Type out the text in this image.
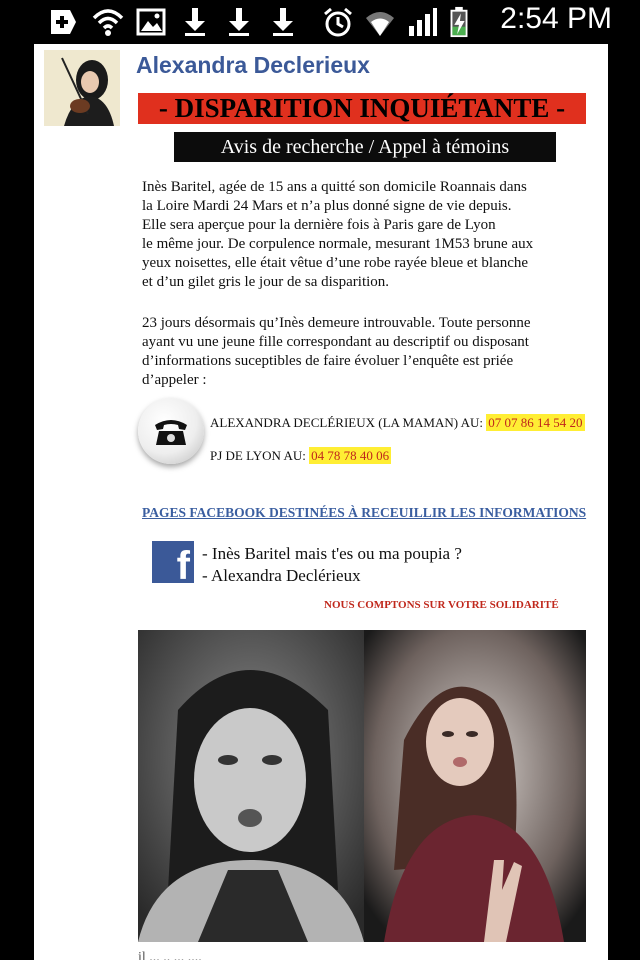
2:54 PM
Alexandra Declerieux
- DISPARITION INQUIÉTANTE -
Avis de recherche / Appel à témoins
Inès Baritel, agée de 15 ans a quitté son domicile Roannais dans
la Loire Mardi 24 Mars et n’a plus donné signe de vie depuis.
Elle sera aperçue pour la dernière fois à Paris gare de Lyon
le même jour. De corpulence normale, mesurant 1M53 brune aux
yeux noisettes, elle était vêtue d’une robe rayée bleue et blanche
et d’un gilet gris le jour de sa disparition.
23 jours désormais qu’Inès demeure introuvable. Toute personne
ayant vu une jeune fille correspondant au descriptif ou disposant
d’informations suceptibles de faire évoluer l’enquête est priée
d’appeler :
ALEXANDRA DECLÉRIEUX (LA MAMAN) AU: 07 07 86 14 54 20
PJ DE LYON AU: 04 78 78 40 06
PAGES FACEBOOK DESTINÉES À RECEUILLIR LES INFORMATIONS
f - Inès Baritel mais t'es ou ma poupia ?
- Alexandra Declérieux
NOUS COMPTONS SUR VOTRE SOLIDARITÉ
il ... .. ... ....
